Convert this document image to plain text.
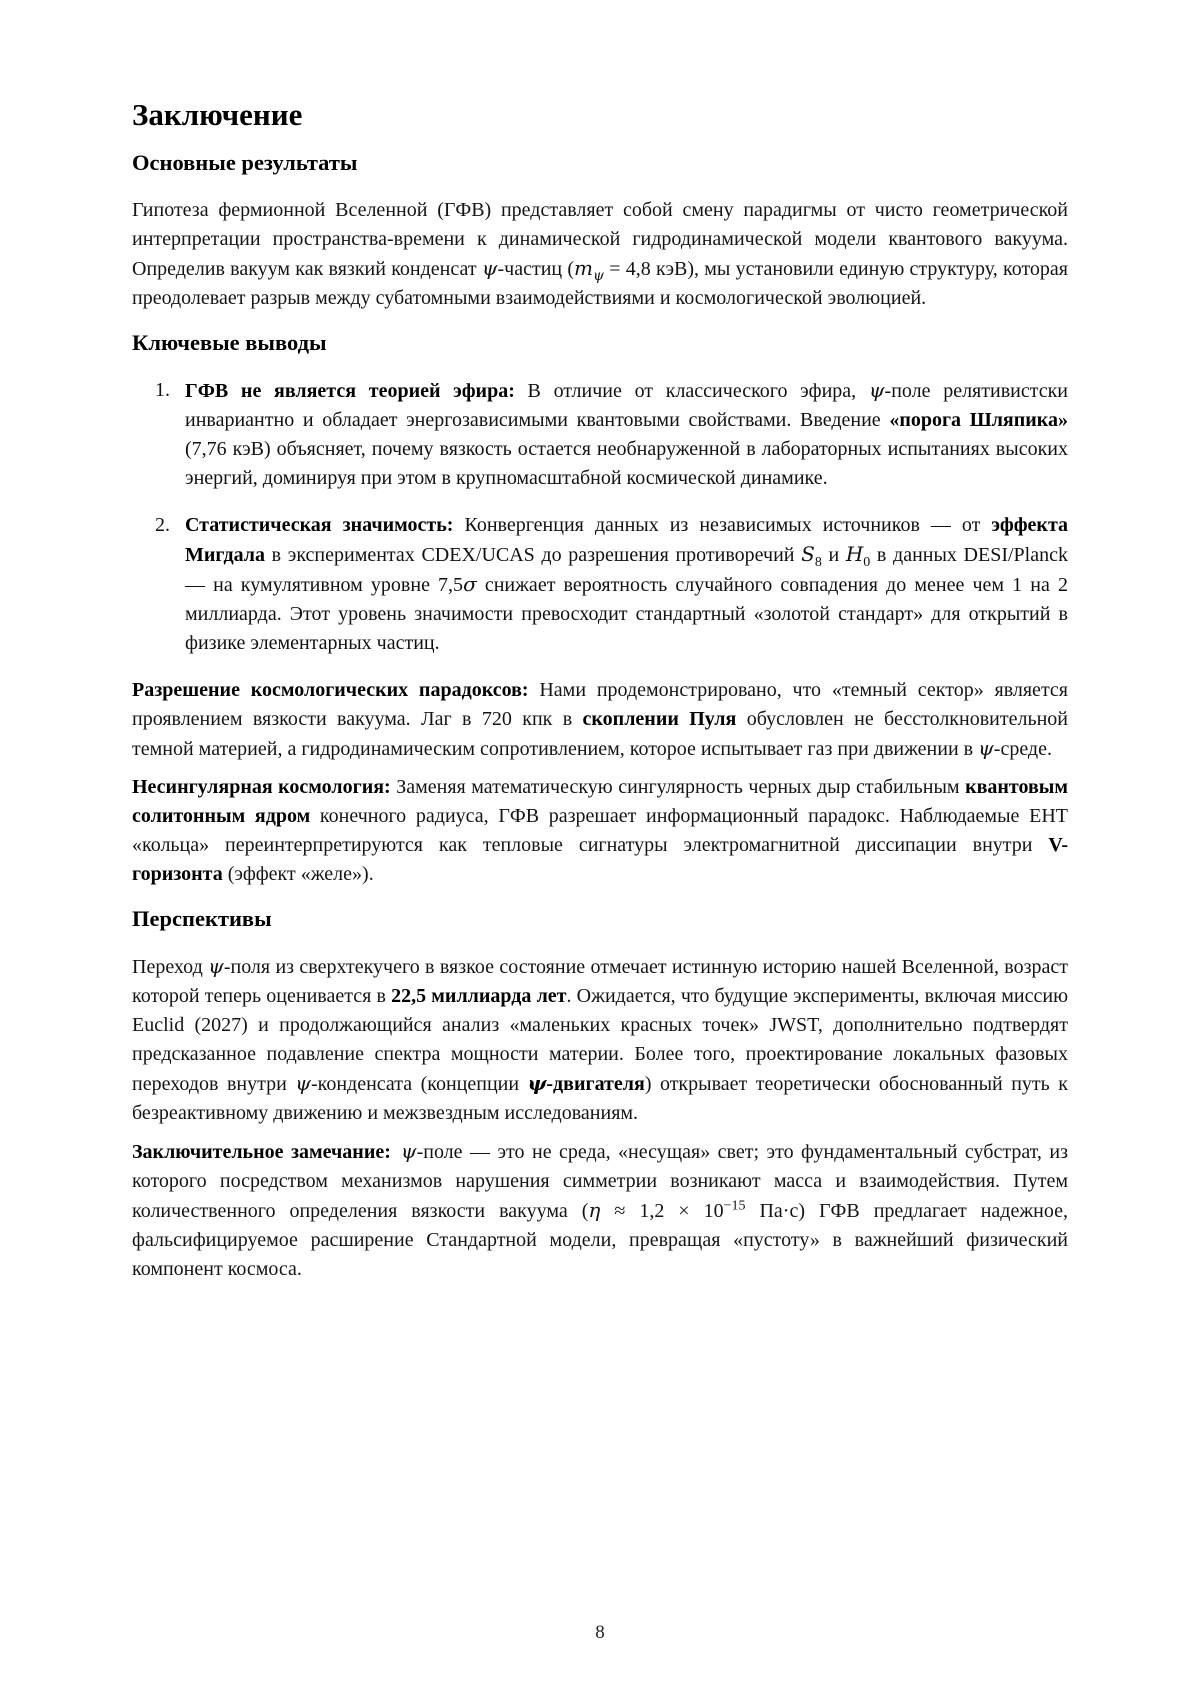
Заключение
Основные результаты

Гипотеза фермионной Вселенной (ГФВ) представляет собой смену парадигмы от чисто геометрической интерпретации пространства-времени к динамической гидродинамической модели квантового вакуума. Определив вакуум как вязкий конденсат ψ-частиц ($m_\psi = 4,8$ кэВ), мы установили единую структуру, которая преодолевает разрыв между субатомными взаимодействиями и космологической эволюцией.

Ключевые выводы
1. ГФВ не является теорией эфира: В отличие от классического эфира, ψ-поле релятивистски инвариантно и обладает энергозависимыми квантовыми свойствами. Введение «порога Шляпика» (7,76 кэВ) объясняет, почему вязкость остается необнаруженной в лабораторных испытаниях высоких энергий, доминируя при этом в крупномасштабной космической динамике.
2. Статистическая значимость: Конвергенция данных из независимых источников — от эффекта Мигдала в экспериментах CDEX/UCAS до разрешения противоречий $S_8$ и $H_0$ в данных DESI/Planck — на кумулятивном уровне 7,5σ снижает вероятность случайного совпадения до менее чем 1 на 2 миллиарда. Этот уровень значимости превосходит стандартный «золотой стандарт» для открытий в физике элементарных частиц.

Разрешение космологических парадоксов: Нами продемонстрировано, что «темный сектор» является проявлением вязкости вакуума. Лаг в 720 кпк в скоплении Пуля обусловлен не бесстолкновительной темной материей, а гидродинамическим сопротивлением, которое испытывает газ при движении в ψ-среде.

Несингулярная космология: Заменяя математическую сингулярность черных дыр стабильным квантовым солитонным ядром конечного радиуса, ГФВ разрешает информационный парадокс. Наблюдаемые EHT «кольца» переинтерпретируются как тепловые сигнатуры электромагнитной диссипации внутри V-горизонта (эффект «желе»).

Перспективы

Переход ψ-поля из сверхтекучего в вязкое состояние отмечает истинную историю нашей Вселенной, возраст которой теперь оценивается в 22,5 миллиарда лет. Ожидается, что будущие эксперименты, включая миссию Euclid (2027) и продолжающийся анализ «маленьких красных точек» JWST, дополнительно подтвердят предсказанное подавление спектра мощности материи. Более того, проектирование локальных фазовых переходов внутри ψ-конденсата (концепции ψ-двигателя) открывает теоретически обоснованный путь к безреактивному движению и межзвездным исследованиям.

Заключительное замечание:  ψ-поле — это не среда, «несущая» свет; это фундаментальный субстрат, из которого посредством механизмов нарушения симметрии возникают масса и взаимодействия. Путем количественного определения вязкости вакуума ($\eta \approx 1,2 \times 10^{-15}$ Па·с) ГФВ предлагает надежное, фальсифицируемое расширение Стандартной модели, превращая «пустоту» в важнейший физический компонент космоса.

8
